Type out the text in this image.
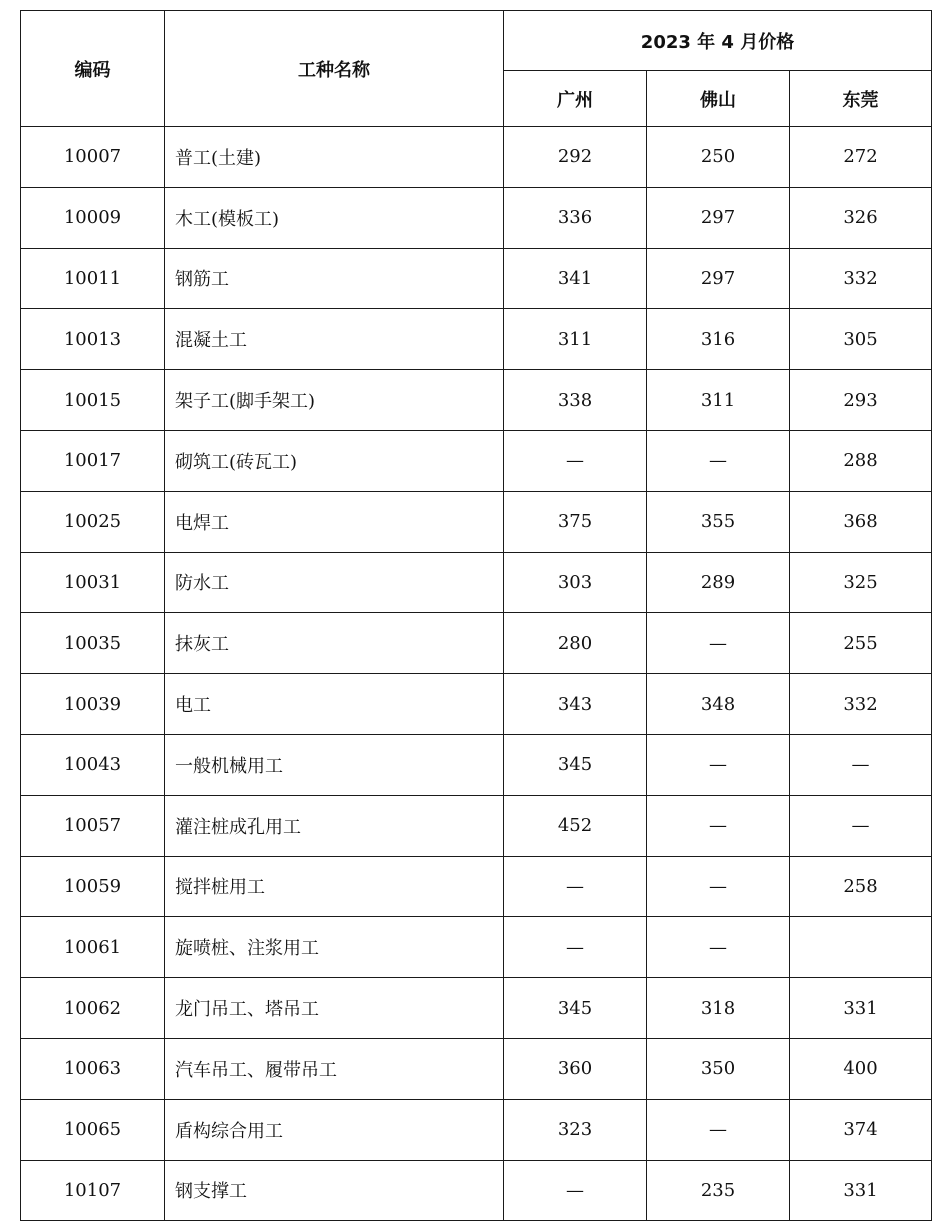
编码	工种名称	2023 年 4 月价格		
		广州	佛山	东莞
10007	普工(土建)	292	250	272
10009	木工(模板工)	336	297	326
10011	钢筋工	341	297	332
10013	混凝土工	311	316	305
10015	架子工(脚手架工)	338	311	293
10017	砌筑工(砖瓦工)	—	—	288
10025	电焊工	375	355	368
10031	防水工	303	289	325
10035	抹灰工	280	—	255
10039	电工	343	348	332
10043	一般机械用工	345	—	—
10057	灌注桩成孔用工	452	—	—
10059	搅拌桩用工	—	—	258
10061	旋喷桩、注浆用工	—	—	
10062	龙门吊工、塔吊工	345	318	331
10063	汽车吊工、履带吊工	360	350	400
10065	盾构综合用工	323	—	374
10107	钢支撑工	—	235	331
